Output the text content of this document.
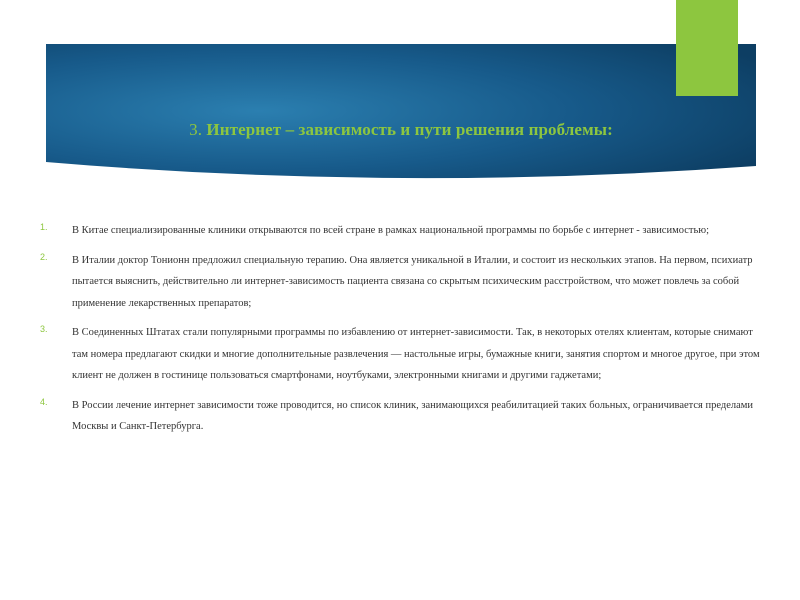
3. Интернет – зависимость и пути решения проблемы:
1. В Китае специализированные клиники открываются по всей стране в рамках национальной программы по борьбе с интернет - зависимостью;
2. В Италии доктор Тонионн предложил специальную терапию. Она является уникальной в Италии, и состоит из нескольких этапов. На первом, психиатр пытается выяснить, действительно ли интернет-зависимость пациента связана со скрытым психическим расстройством, что может повлечь за собой применение лекарственных препаратов;
3. В Соединенных Штатах стали популярными программы по избавлению от интернет-зависимости. Так, в некоторых отелях клиентам, которые снимают там номера предлагают скидки и многие дополнительные развлечения — настольные игры, бумажные книги, занятия спортом и многое другое, при этом клиент не должен в гостинице пользоваться смартфонами, ноутбуками, электронными книгами и другими гаджетами;
4. В России лечение интернет зависимости тоже проводится, но список клиник, занимающихся реабилитацией таких больных, ограничивается пределами Москвы и Санкт-Петербурга.
